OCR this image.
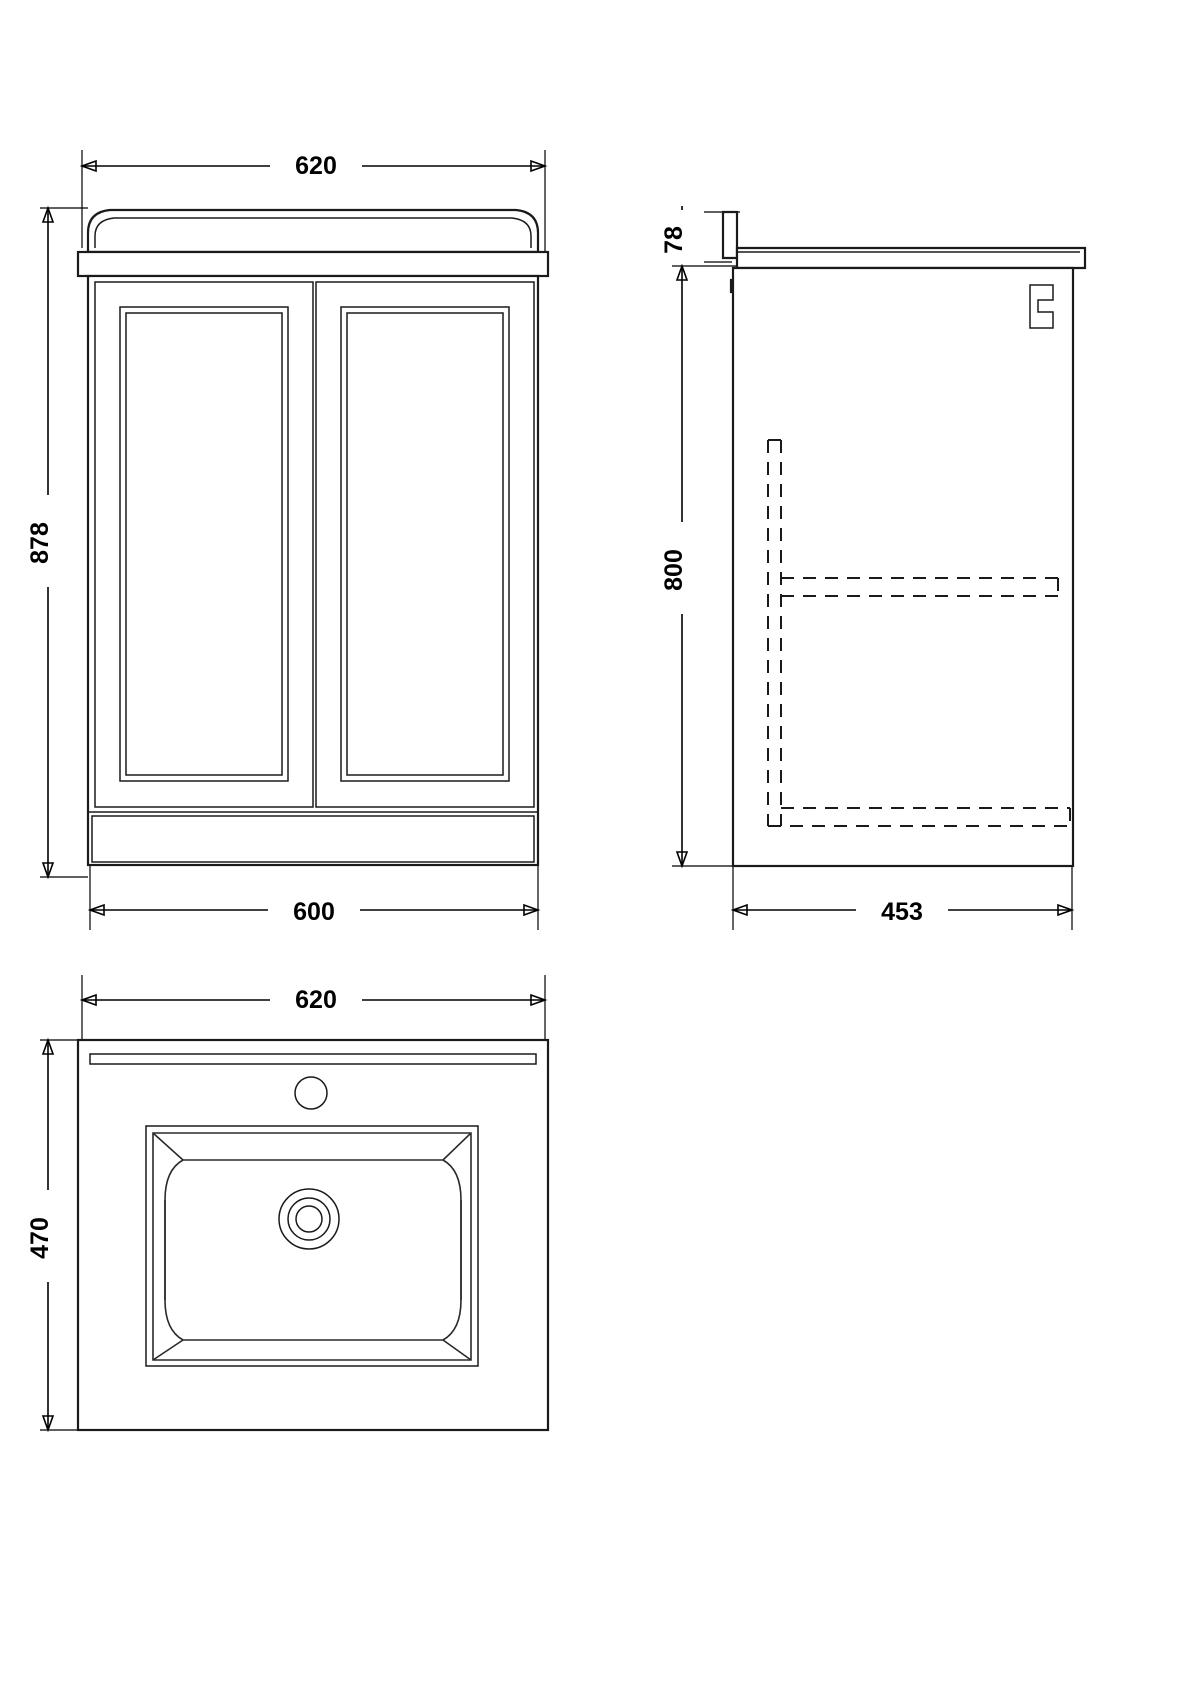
620
878
600
78
800
453
620
470
